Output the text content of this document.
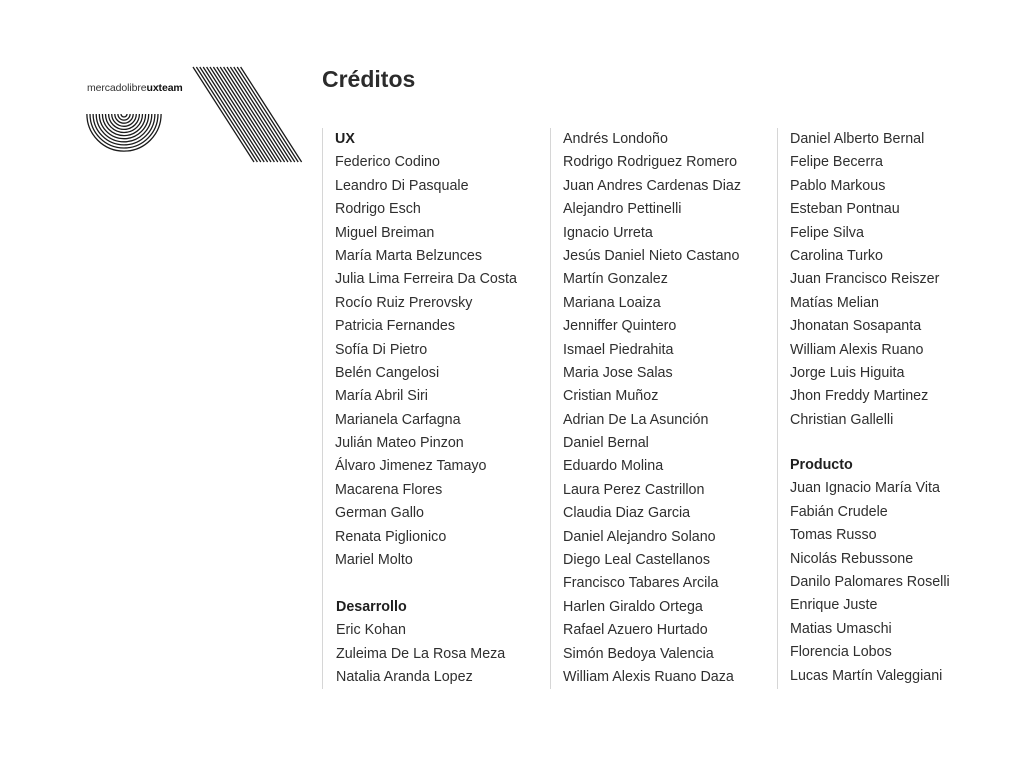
mercadolibreuxteam	Créditos
UX
Federico Codino
Leandro Di Pasquale
Rodrigo Esch
Miguel Breiman
María Marta Belzunces
Julia Lima Ferreira Da Costa
Rocío Ruiz Prerovsky
Patricia Fernandes
Sofía Di Pietro
Belén Cangelosi
María Abril Siri
Marianela Carfagna
Julián Mateo Pinzon
Álvaro Jimenez Tamayo
Macarena Flores
German Gallo
Renata Piglionico
Mariel Molto
Desarrollo
Eric Kohan
Zuleima De La Rosa Meza
Natalia Aranda Lopez
Andrés Londoño
Rodrigo Rodriguez Romero
Juan Andres Cardenas Diaz
Alejandro Pettinelli
Ignacio Urreta
Jesús Daniel Nieto Castano
Martín Gonzalez
Mariana Loaiza
Jenniffer Quintero
Ismael Piedrahita
Maria Jose Salas
Cristian Muñoz
Adrian De La Asunción
Daniel Bernal
Eduardo Molina
Laura Perez Castrillon
Claudia Diaz Garcia
Daniel Alejandro Solano
Diego Leal Castellanos
Francisco Tabares Arcila
Harlen Giraldo Ortega
Rafael Azuero Hurtado
Simón Bedoya Valencia
William Alexis Ruano Daza
Daniel Alberto Bernal
Felipe Becerra
Pablo Markous
Esteban Pontnau
Felipe Silva
Carolina Turko
Juan Francisco Reiszer
Matías Melian
Jhonatan Sosapanta
William Alexis Ruano
Jorge Luis Higuita
Jhon Freddy Martinez
Christian Gallelli
Producto
Juan Ignacio María Vita
Fabián Crudele
Tomas Russo
Nicolás Rebussone
Danilo Palomares Roselli
Enrique Juste
Matias Umaschi
Florencia Lobos
Lucas Martín Valeggiani
